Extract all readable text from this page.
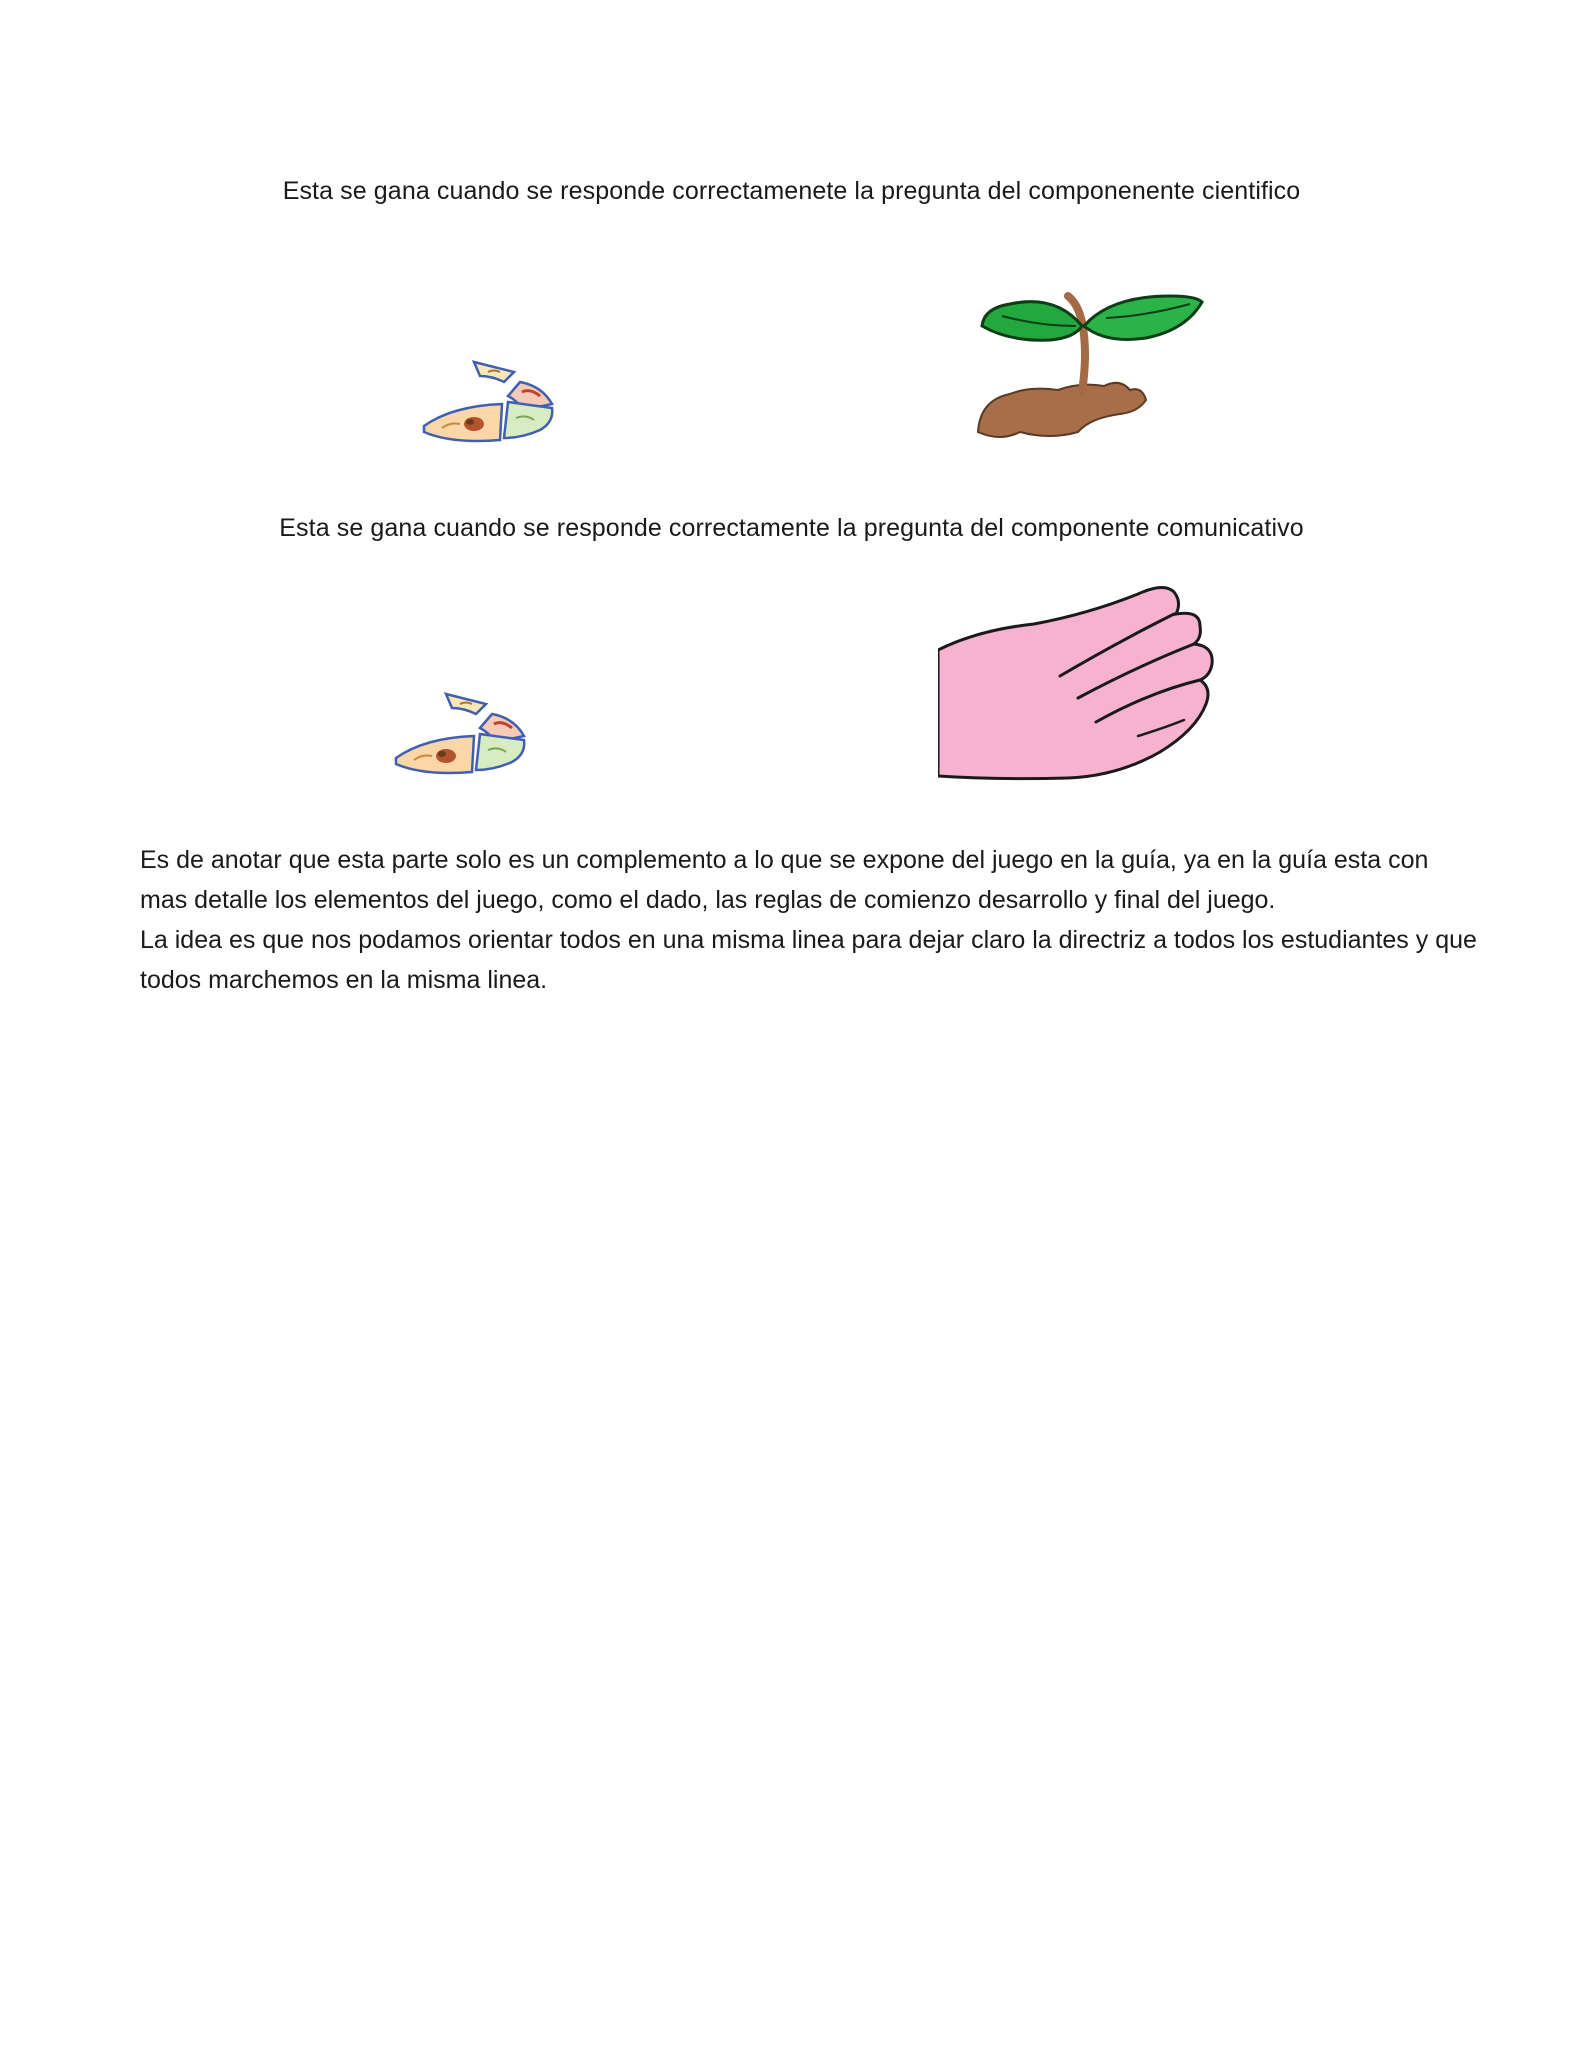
Esta se gana cuando se responde correctamenete la pregunta del componenente cientifico
Esta se gana cuando se responde correctamente la pregunta del componente comunicativo

Es de anotar que esta parte solo es un complemento a lo que se expone del juego en la guía, ya en la guía esta con mas detalle los elementos del juego, como el dado, las reglas de comienzo desarrollo y final del juego.

La idea es que nos podamos orientar todos en una misma linea para dejar claro la directriz a todos los estudiantes y que todos marchemos en la misma linea.
